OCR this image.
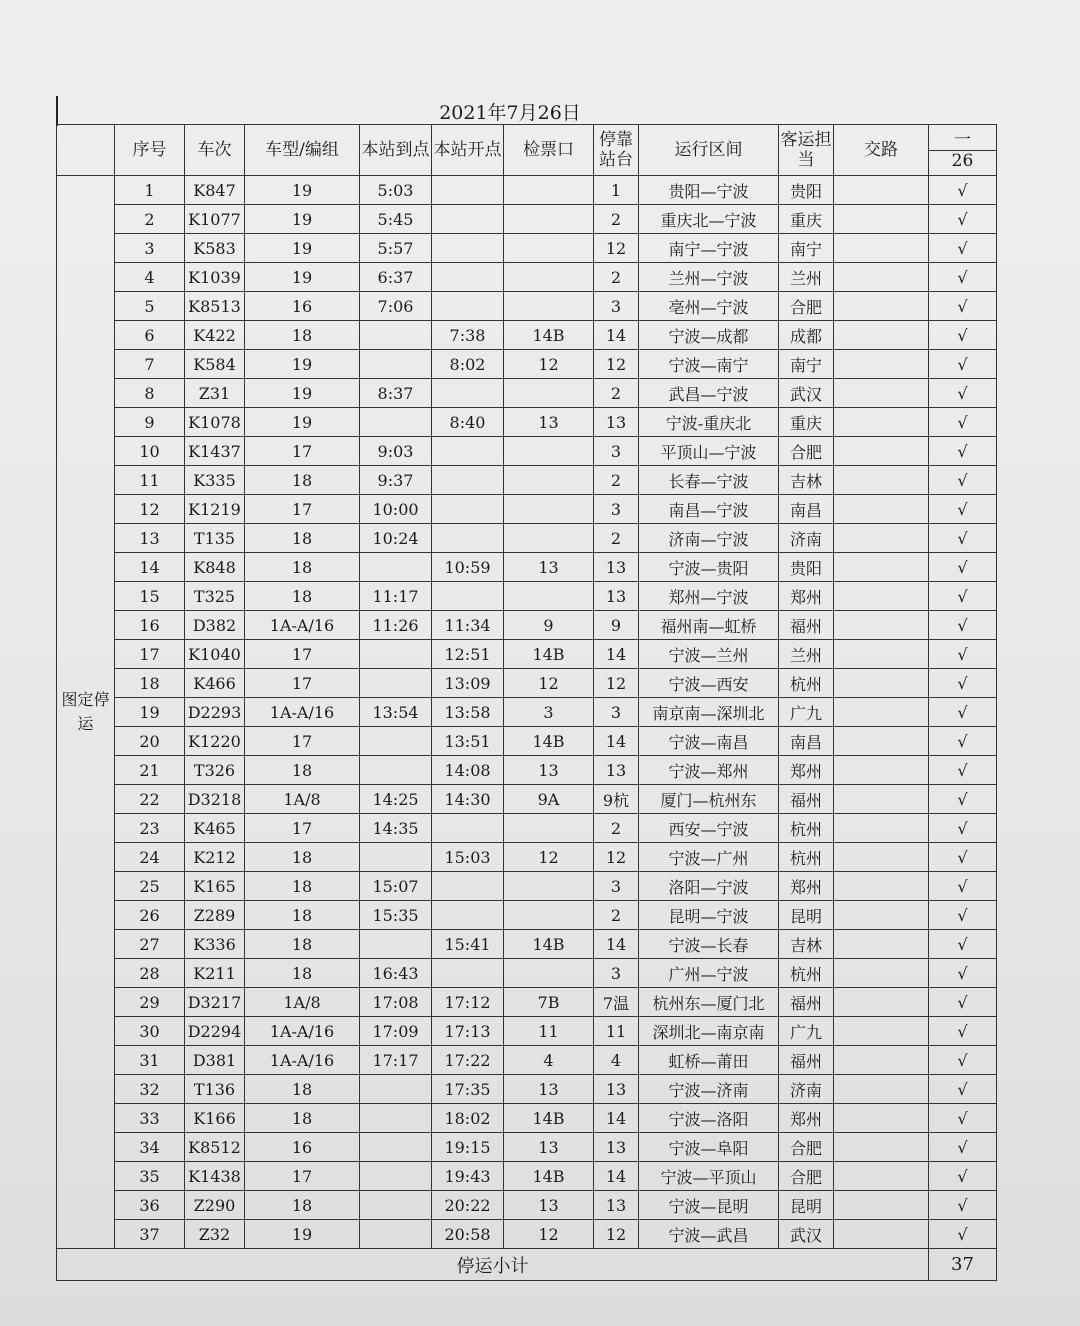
2021年7月26日
	序号	车次	车型/编组	本站到点	本站开点	检票口	停靠站台	运行区间	客运担当	交路	一
26

图定停运	1	K847	19	5:03			1	贵阳—宁波	贵阳		√
	2	K1077	19	5:45			2	重庆北—宁波	重庆		√
	3	K583	19	5:57			12	南宁—宁波	南宁		√
	4	K1039	19	6:37			2	兰州—宁波	兰州		√
	5	K8513	16	7:06			3	亳州—宁波	合肥		√
	6	K422	18		7:38	14B	14	宁波—成都	成都		√
	7	K584	19		8:02	12	12	宁波—南宁	南宁		√
	8	Z31	19	8:37			2	武昌—宁波	武汉		√
	9	K1078	19		8:40	13	13	宁波-重庆北	重庆		√
	10	K1437	17	9:03			3	平顶山—宁波	合肥		√
	11	K335	18	9:37			2	长春—宁波	吉林		√
	12	K1219	17	10:00			3	南昌—宁波	南昌		√
	13	T135	18	10:24			2	济南—宁波	济南		√
	14	K848	18		10:59	13	13	宁波—贵阳	贵阳		√
	15	T325	18	11:17			13	郑州—宁波	郑州		√
	16	D382	1A-A/16	11:26	11:34	9	9	福州南—虹桥	福州		√
	17	K1040	17		12:51	14B	14	宁波—兰州	兰州		√
	18	K466	17		13:09	12	12	宁波—西安	杭州		√
	19	D2293	1A-A/16	13:54	13:58	3	3	南京南—深圳北	广九		√
	20	K1220	17		13:51	14B	14	宁波—南昌	南昌		√
	21	T326	18		14:08	13	13	宁波—郑州	郑州		√
	22	D3218	1A/8	14:25	14:30	9A	9杭	厦门—杭州东	福州		√
	23	K465	17	14:35			2	西安—宁波	杭州		√
	24	K212	18		15:03	12	12	宁波—广州	杭州		√
	25	K165	18	15:07			3	洛阳—宁波	郑州		√
	26	Z289	18	15:35			2	昆明—宁波	昆明		√
	27	K336	18		15:41	14B	14	宁波—长春	吉林		√
	28	K211	18	16:43			3	广州—宁波	杭州		√
	29	D3217	1A/8	17:08	17:12	7B	7温	杭州东—厦门北	福州		√
	30	D2294	1A-A/16	17:09	17:13	11	11	深圳北—南京南	广九		√
	31	D381	1A-A/16	17:17	17:22	4	4	虹桥—莆田	福州		√
	32	T136	18		17:35	13	13	宁波—济南	济南		√
	33	K166	18		18:02	14B	14	宁波—洛阳	郑州		√
	34	K8512	16		19:15	13	13	宁波—阜阳	合肥		√
	35	K1438	17		19:43	14B	14	宁波—平顶山	合肥		√
	36	Z290	18		20:22	13	13	宁波—昆明	昆明		√
	37	Z32	19		20:58	12	12	宁波—武昌	武汉		√
停运小计											37
